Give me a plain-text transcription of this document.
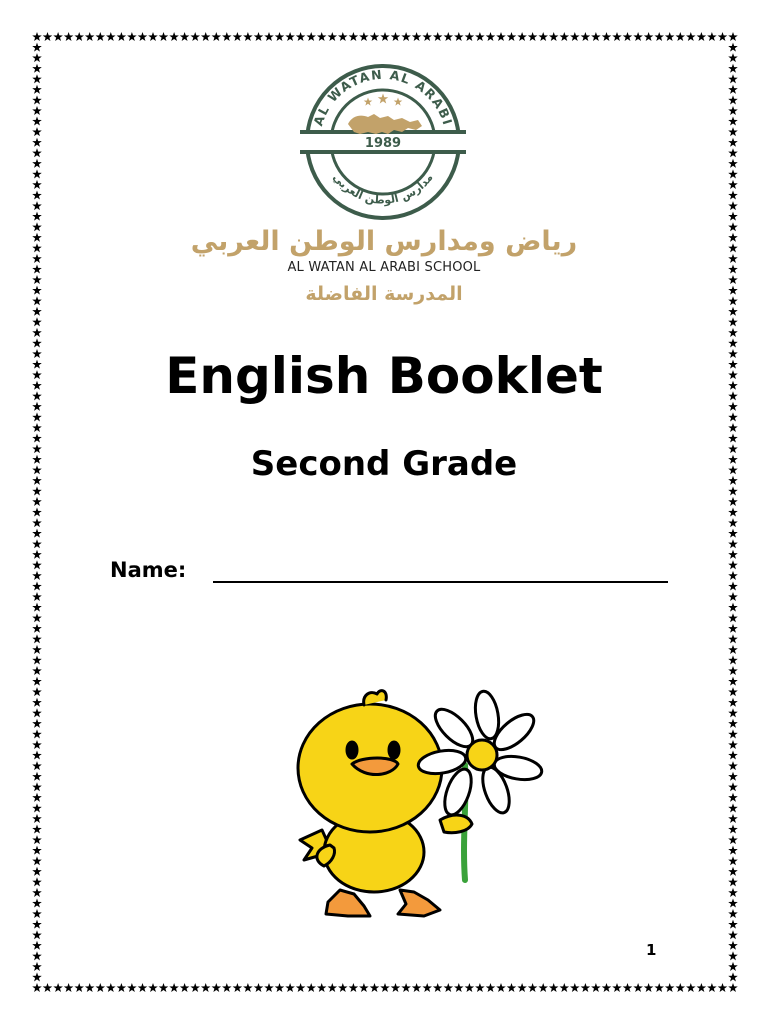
AL WATAN AL ARABI
مدارس الوطن العربي
1989
رياض ومدارس الوطن العربي
AL WATAN AL ARABI SCHOOL
المدرسة الفاضلة
English Booklet
Second Grade
Name:
1
